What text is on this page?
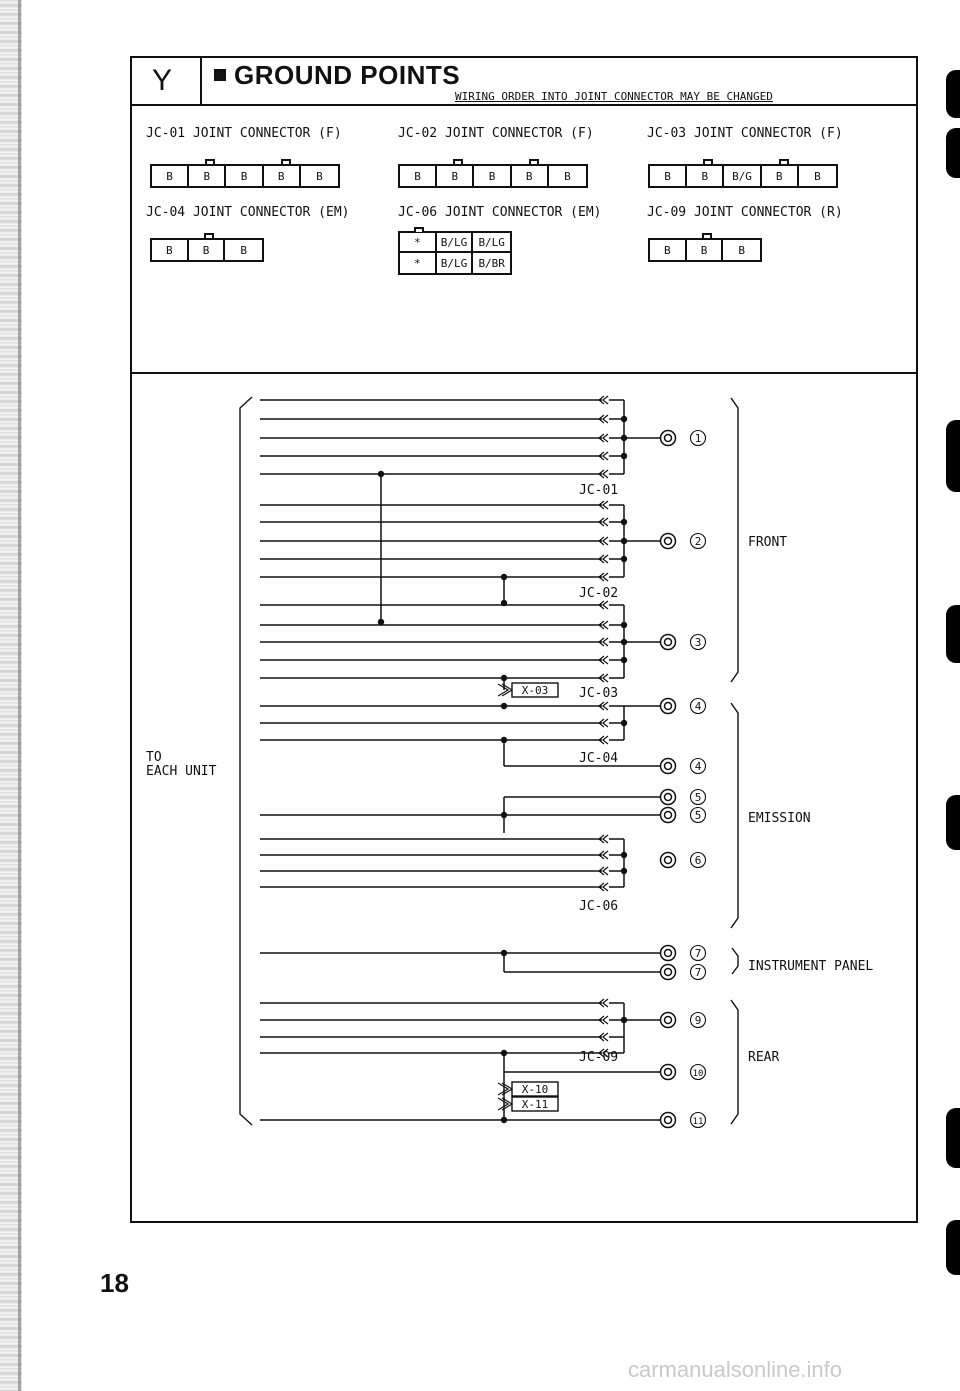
Y	GROUND POINTS
WIRING ORDER INTO JOINT CONNECTOR MAY BE CHANGED
JC-01 JOINT CONNECTOR (F)
B	B	B	B	B
JC-02 JOINT CONNECTOR (F)
B	B	B	B	B
JC-03 JOINT CONNECTOR (F)
B	B	B/G	B	B
JC-04 JOINT CONNECTOR (EM)
B	B	B
JC-06 JOINT CONNECTOR (EM)
*	B/LG	B/LG
*	B/LG	B/BR
JC-09 JOINT CONNECTOR (R)
B	B	B
TO EACH UNIT
1
2
3
4
4
5
5
6
7
7
9
10
11
JC-01
JC-02
JC-03
X-03
JC-04
JC-06
JC-09
X-10
X-11
FRONT
EMISSION
INSTRUMENT PANEL
REAR
18
carmanualsonline.info
